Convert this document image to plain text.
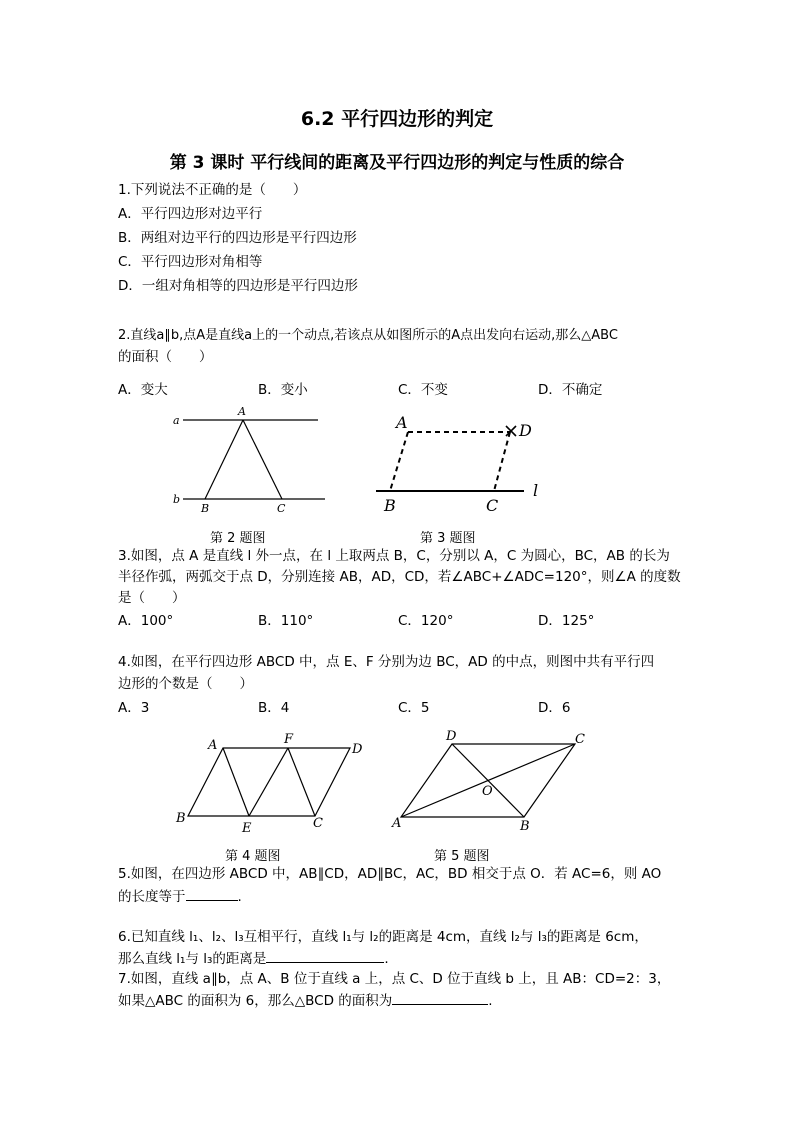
6.2 平行四边形的判定
第 3 课时 平行线间的距离及平行四边形的判定与性质的综合
1.下列说法不正确的是（　　）
A．平行四边形对边平行
B．两组对边平行的四边形是平行四边形
C．平行四边形对角相等
D．一组对角相等的四边形是平行四边形
2.直线a∥b,点A是直线a上的一个动点,若该点从如图所示的A点出发向右运动,那么△ABC
的面积（　　）
A．变大	B．变小	C．不变	D．不确定
a
b
A
B	C
第 2 题图
A	D
B	C
l
第 3 题图
3.如图，点 A 是直线 l 外一点，在 l 上取两点 B，C，分别以 A，C 为圆心，BC，AB 的长为
半径作弧，两弧交于点 D，分别连接 AB，AD，CD，若∠ABC+∠ADC=120°，则∠A 的度数
是（　　）
A．100°	B．110°	C．120°	D．125°
4.如图，在平行四边形 ABCD 中，点 E、F 分别为边 BC，AD 的中点，则图中共有平行四
边形的个数是（　　）
A．3	B．4	C．5	D．6
A	F
D
B
E	C
第 4 题图
D	C
O
A	B
第 5 题图
5.如图，在四边形 ABCD 中，AB∥CD，AD∥BC，AC，BD 相交于点 O．若 AC=6，则 AO
的长度等于	.
6.已知直线 l₁、l₂、l₃互相平行，直线 l₁与 l₂的距离是 4cm，直线 l₂与 l₃的距离是 6cm，
那么直线 l₁与 l₃的距离是	.
7.如图，直线 a∥b，点 A、B 位于直线 a 上，点 C、D 位于直线 b 上，且 AB：CD=2：3，
如果△ABC 的面积为 6，那么△BCD 的面积为	.
